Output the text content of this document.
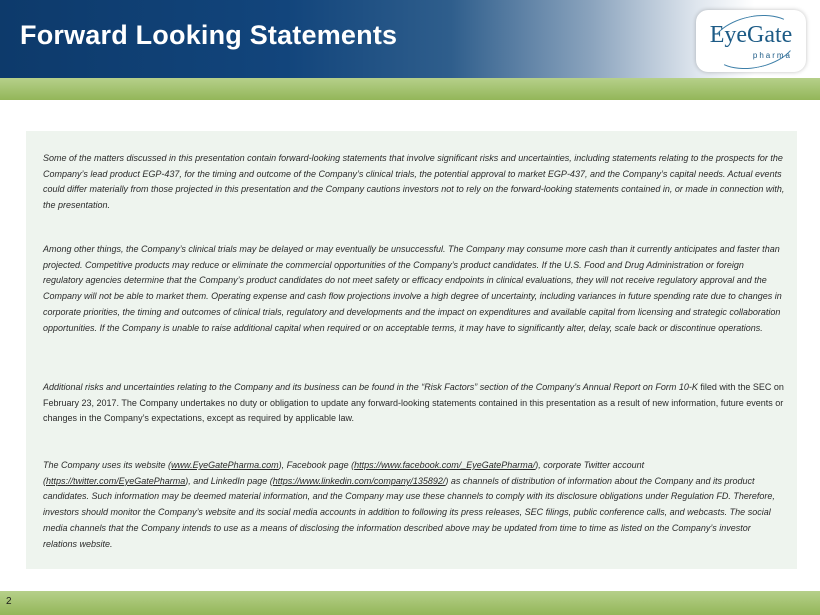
Forward Looking Statements	EyeGate
pharma

Some of the matters discussed in this presentation contain forward-looking statements that involve significant risks and uncertainties, including statements relating to the prospects for the Company’s lead product EGP-437, for the timing and outcome of the Company’s clinical trials, the potential approval to market EGP-437, and the Company’s capital needs. Actual events could differ materially from those projected in this presentation and the Company cautions investors not to rely on the forward-looking statements contained in, or made in connection with, the presentation.

Among other things, the Company’s clinical trials may be delayed or may eventually be unsuccessful. The Company may consume more cash than it currently anticipates and faster than projected. Competitive products may reduce or eliminate the commercial opportunities of the Company’s product candidates. If the U.S. Food and Drug Administration or foreign regulatory agencies determine that the Company’s product candidates do not meet safety or efficacy endpoints in clinical evaluations, they will not receive regulatory approval and the Company will not be able to market them. Operating expense and cash flow projections involve a high degree of uncertainty, including variances in future spending rate due to changes in corporate priorities, the timing and outcomes of clinical trials, regulatory and developments and the impact on expenditures and available capital from licensing and strategic collaboration opportunities. If the Company is unable to raise additional capital when required or on acceptable terms, it may have to significantly alter, delay, scale back or discontinue operations.

Additional risks and uncertainties relating to the Company and its business can be found in the “Risk Factors” section of the Company’s Annual Report on Form 10-K filed with the SEC on February 23, 2017. The Company undertakes no duty or obligation to update any forward-looking statements contained in this presentation as a result of new information, future events or changes in the Company’s expectations, except as required by applicable law.

The Company uses its website (www.EyeGatePharma.com), Facebook page (https://www.facebook.com/_EyeGatePharma/), corporate Twitter account (https://twitter.com/EyeGatePharma), and LinkedIn page (https://www.linkedin.com/company/135892/) as channels of distribution of information about the Company and its product candidates. Such information may be deemed material information, and the Company may use these channels to comply with its disclosure obligations under Regulation FD. Therefore, investors should monitor the Company’s website and its social media accounts in addition to following its press releases, SEC filings, public conference calls, and webcasts. The social media channels that the Company intends to use as a means of disclosing the information described above may be updated from time to time as listed on the Company’s investor relations website.

2
